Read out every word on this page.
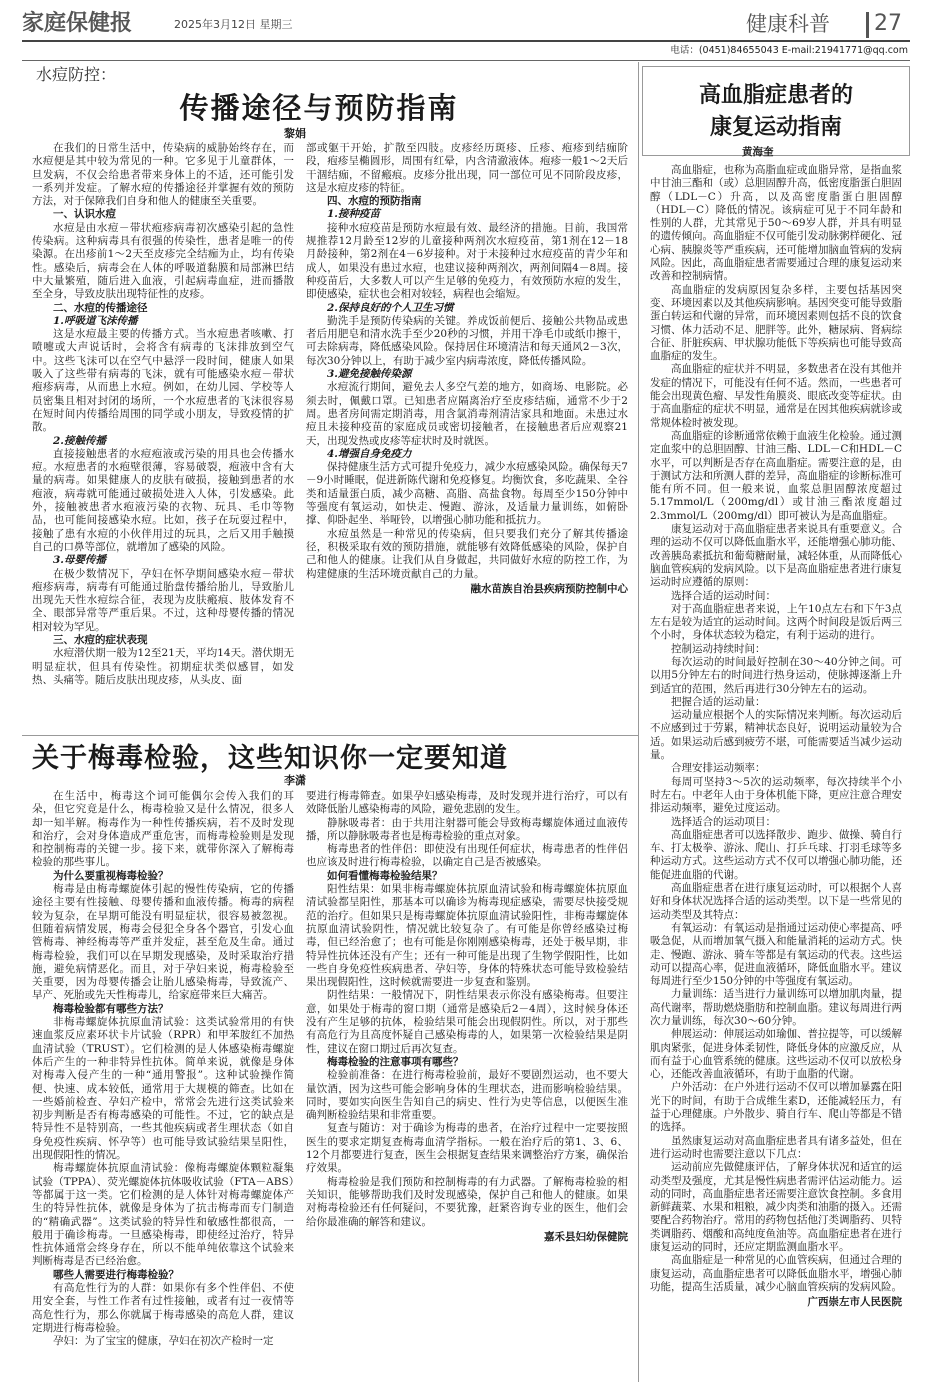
家庭保健报	2025年3月12日 星期三	健康科普 27
电话：(0451)84655043 E-mail:21941771@qq.com
水痘防控：
传播途径与预防指南
黎娟

在我们的日常生活中，传染病的威胁始终存在，而水痘便是其中较为常见的一种。它多见于儿童群体，一旦发病，不仅会给患者带来身体上的不适，还可能引发一系列并发症。了解水痘的传播途径并掌握有效的预防方法，对于保障我们自身和他人的健康至关重要。

一、认识水痘

水痘是由水痘－带状疱疹病毒初次感染引起的急性传染病。这种病毒具有很强的传染性，患者是唯一的传染源。在出疹前1～2天至皮疹完全结痂为止，均有传染性。感染后，病毒会在人体的呼吸道黏膜和局部淋巴结中大量繁殖，随后进入血液，引起病毒血症，进而播散至全身，导致皮肤出现特征性的皮疹。

二、水痘的传播途径

1.呼吸道飞沫传播

这是水痘最主要的传播方式。当水痘患者咳嗽、打喷嚏或大声说话时，会将含有病毒的飞沫排放到空气中。这些飞沫可以在空气中悬浮一段时间，健康人如果吸入了这些带有病毒的飞沫，就有可能感染水痘－带状疱疹病毒，从而患上水痘。例如，在幼儿园、学校等人员密集且相对封闭的场所，一个水痘患者的飞沫很容易在短时间内传播给周围的同学或小朋友，导致疫情的扩散。

2.接触传播

直接接触患者的水痘疱液或污染的用具也会传播水痘。水痘患者的水疱壁很薄，容易破裂，疱液中含有大量的病毒。如果健康人的皮肤有破损，接触到患者的水疱液，病毒就可能通过破损处进入人体，引发感染。此外，接触被患者水疱液污染的衣物、玩具、毛巾等物品，也可能间接感染水痘。比如，孩子在玩耍过程中，接触了患有水痘的小伙伴用过的玩具，之后又用手触摸自己的口鼻等部位，就增加了感染的风险。

3.母婴传播

在极少数情况下，孕妇在怀孕期间感染水痘－带状疱疹病毒，病毒有可能通过胎盘传播给胎儿，导致胎儿出现先天性水痘综合征，表现为皮肤瘢痕、肢体发育不全、眼部异常等严重后果。不过，这种母婴传播的情况相对较为罕见。

三、水痘的症状表现

水痘潜伏期一般为12至21天，平均14天。潜伏期无明显症状，但具有传染性。初期症状类似感冒，如发热、头痛等。随后皮肤出现皮疹，从头皮、面

部或躯干开始，扩散至四肢。皮疹经历斑疹、丘疹、疱疹到结痂阶段，疱疹呈椭圆形，周围有红晕，内含清澈液体。疱疹一般1～2天后干涸结痂，不留瘢痕。皮疹分批出现，同一部位可见不同阶段皮疹，这是水痘皮疹的特征。

四、水痘的预防指南

1.接种疫苗

接种水痘疫苗是预防水痘最有效、最经济的措施。目前，我国常规推荐12月龄至12岁的儿童接种两剂次水痘疫苗，第1剂在12－18月龄接种，第2剂在4－6岁接种。对于未接种过水痘疫苗的青少年和成人，如果没有患过水痘，也建议接种两剂次，两剂间隔4－8周。接种疫苗后，大多数人可以产生足够的免疫力，有效预防水痘的发生，即使感染，症状也会相对较轻，病程也会缩短。

2.保持良好的个人卫生习惯

勤洗手是预防传染病的关键。养成饭前便后、接触公共物品或患者后用肥皂和清水洗手至少20秒的习惯，并用干净毛巾或纸巾擦干，可去除病毒，降低感染风险。保持居住环境清洁和每天通风2－3次，每次30分钟以上，有助于减少室内病毒浓度，降低传播风险。

3.避免接触传染源

水痘流行期间，避免去人多空气差的地方，如商场、电影院。必须去时，佩戴口罩。已知患者应隔离治疗至皮疹结痂，通常不少于2周。患者房间需定期消毒，用含氯消毒剂清洁家具和地面。未患过水痘且未接种疫苗的家庭成员或密切接触者，在接触患者后应观察21天，出现发热或皮疹等症状时及时就医。

4.增强自身免疫力

保持健康生活方式可提升免疫力，减少水痘感染风险。确保每天7－9小时睡眠，促进新陈代谢和免疫修复。均衡饮食，多吃蔬果、全谷类和适量蛋白质，减少高糖、高脂、高盐食物。每周至少150分钟中等强度有氧运动，如快走、慢跑、游泳，及适量力量训练，如俯卧撑、仰卧起坐、举哑铃，以增强心肺功能和抵抗力。

水痘虽然是一种常见的传染病，但只要我们充分了解其传播途径，积极采取有效的预防措施，就能够有效降低感染的风险，保护自己和他人的健康。让我们从自身做起，共同做好水痘的防控工作，为构建健康的生活环境贡献自己的力量。

融水苗族自治县疾病预防控制中心

关于梅毒检验，这些知识你一定要知道
李潇

在生活中，梅毒这个词可能偶尔会传入我们的耳朵，但它究竟是什么，梅毒检验又是什么情况，很多人却一知半解。梅毒作为一种性传播疾病，若不及时发现和治疗，会对身体造成严重危害，而梅毒检验则是发现和控制梅毒的关键一步。接下来，就带你深入了解梅毒检验的那些事儿。

为什么要重视梅毒检验？

梅毒是由梅毒螺旋体引起的慢性传染病，它的传播途径主要有性接触、母婴传播和血液传播。梅毒的病程较为复杂，在早期可能没有明显症状，很容易被忽视。但随着病情发展，梅毒会侵犯全身各个器官，引发心血管梅毒、神经梅毒等严重并发症，甚至危及生命。通过梅毒检验，我们可以在早期发现感染，及时采取治疗措施，避免病情恶化。而且，对于孕妇来说，梅毒检验至关重要，因为母婴传播会让胎儿感染梅毒，导致流产、早产、死胎或先天性梅毒儿，给家庭带来巨大痛苦。

梅毒检验都有哪些方法？

非梅毒螺旋体抗原血清试验：这类试验常用的有快速血浆反应素环状卡片试验（RPR）和甲苯胺红不加热血清试验（TRUST）。它们检测的是人体感染梅毒螺旋体后产生的一种非特异性抗体。简单来说，就像是身体对梅毒入侵产生的一种“通用警报”。这种试验操作简便、快速、成本较低，通常用于大规模的筛查。比如在一些婚前检查、孕妇产检中，常常会先进行这类试验来初步判断是否有梅毒感染的可能性。不过，它的缺点是特异性不是特别高，一些其他疾病或者生理状态（如自身免疫性疾病、怀孕等）也可能导致试验结果呈阳性，出现假阳性的情况。

梅毒螺旋体抗原血清试验：像梅毒螺旋体颗粒凝集试验（TPPA）、荧光螺旋体抗体吸收试验（FTA－ABS）等都属于这一类。它们检测的是人体针对梅毒螺旋体产生的特异性抗体，就像是身体为了抗击梅毒而专门制造的“精确武器”。这类试验的特异性和敏感性都很高，一般用于确诊梅毒。一旦感染梅毒，即使经过治疗，特异性抗体通常会终身存在，所以不能单纯依靠这个试验来判断梅毒是否已经治愈。

哪些人需要进行梅毒检验？

有高危性行为的人群：如果你有多个性伴侣、不使用安全套，与性工作者有过性接触，或者有过一夜情等高危性行为，那么你就属于梅毒感染的高危人群，建议定期进行梅毒检验。

孕妇：为了宝宝的健康，孕妇在初次产检时一定

要进行梅毒筛查。如果孕妇感染梅毒，及时发现并进行治疗，可以有效降低胎儿感染梅毒的风险，避免悲剧的发生。

静脉吸毒者：由于共用注射器可能会导致梅毒螺旋体通过血液传播，所以静脉吸毒者也是梅毒检验的重点对象。

梅毒患者的性伴侣：即使没有出现任何症状，梅毒患者的性伴侣也应该及时进行梅毒检验，以确定自己是否被感染。

如何看懂梅毒检验结果？

阳性结果：如果非梅毒螺旋体抗原血清试验和梅毒螺旋体抗原血清试验都呈阳性，那基本可以确诊为梅毒现症感染，需要尽快接受规范的治疗。但如果只是梅毒螺旋体抗原血清试验阳性，非梅毒螺旋体抗原血清试验阴性，情况就比较复杂了。有可能是你曾经感染过梅毒，但已经治愈了；也有可能是你刚刚感染梅毒，还处于极早期，非特异性抗体还没有产生；还有一种可能是出现了生物学假阳性，比如一些自身免疫性疾病患者、孕妇等，身体的特殊状态可能导致检验结果出现假阳性，这时候就需要进一步复查和鉴别。

阴性结果：一般情况下，阴性结果表示你没有感染梅毒。但要注意，如果处于梅毒的窗口期（通常是感染后2－4周），这时候身体还没有产生足够的抗体，检验结果可能会出现假阴性。所以，对于那些有高危行为且高度怀疑自己感染梅毒的人，如果第一次检验结果是阴性，建议在窗口期过后再次复查。

梅毒检验的注意事项有哪些？

检验前准备：在进行梅毒检验前，最好不要剧烈运动，也不要大量饮酒，因为这些可能会影响身体的生理状态，进而影响检验结果。同时，要如实向医生告知自己的病史、性行为史等信息，以便医生准确判断检验结果和非常重要。

复查与随访：对于确诊为梅毒的患者，在治疗过程中一定要按照医生的要求定期复查梅毒血清学指标。一般在治疗后的第1、3、6、12个月都要进行复查，医生会根据复查结果来调整治疗方案，确保治疗效果。

梅毒检验是我们预防和控制梅毒的有力武器。了解梅毒检验的相关知识，能够帮助我们及时发现感染，保护自己和他人的健康。如果对梅毒检验还有任何疑问，不要犹豫，赶紧咨询专业的医生，他们会给你最准确的解答和建议。

嘉禾县妇幼保健院

高血脂症患者的
康复运动指南
黄海奎

高血脂症，也称为高脂血症或血脂异常，是指血浆中甘油三酯和（或）总胆固醇升高，低密度脂蛋白胆固醇（LDL－C）升高，以及高密度脂蛋白胆固醇（HDL－C）降低的情况。该病症可见于不同年龄和性别的人群，尤其常见于50～69岁人群，并具有明显的遗传倾向。高血脂症不仅可能引发动脉粥样硬化、冠心病、胰腺炎等严重疾病，还可能增加脑血管病的发病风险。因此，高血脂症患者需要通过合理的康复运动来改善和控制病情。

高血脂症的发病原因复杂多样，主要包括基因突变、环境因素以及其他疾病影响。基因突变可能导致脂蛋白转运和代谢的异常，而环境因素则包括不良的饮食习惯、体力活动不足、肥胖等。此外，糖尿病、肾病综合征、肝脏疾病、甲状腺功能低下等疾病也可能导致高血脂症的发生。

高血脂症的症状并不明显，多数患者在没有其他并发症的情况下，可能没有任何不适。然而，一些患者可能会出现黄色瘤、早发性角膜炎、眼底改变等症状。由于高血脂症的症状不明显，通常是在因其他疾病就诊或常规体检时被发现。

高血脂症的诊断通常依赖于血液生化检验。通过测定血浆中的总胆固醇、甘油三酯、LDL－C和HDL－C水平，可以判断是否存在高血脂症。需要注意的是，由于测试方法和所测人群的差异，高血脂症的诊断标准可能有所不同。但一般来说，血浆总胆固醇浓度超过5.17mmol/L（200mg/dl）或甘油三酯浓度超过2.3mmol/L（200mg/dl）即可被认为是高血脂症。

康复运动对于高血脂症患者来说具有重要意义。合理的运动不仅可以降低血脂水平，还能增强心肺功能、改善胰岛素抵抗和葡萄糖耐量，减轻体重，从而降低心脑血管疾病的发病风险。以下是高血脂症患者进行康复运动时应遵循的原则：

选择合适的运动时间：

对于高血脂症患者来说，上午10点左右和下午3点左右是较为适宜的运动时间。这两个时间段是饭后两三个小时，身体状态较为稳定，有利于运动的进行。

控制运动持续时间：

每次运动的时间最好控制在30～40分钟之间。可以用5分钟左右的时间进行热身运动，使脉搏逐渐上升到适宜的范围，然后再进行30分钟左右的运动。

把握合适的运动量：

运动量应根据个人的实际情况来判断。每次运动后不应感到过于劳累，精神状态良好，说明运动量较为合适。如果运动后感到疲劳不堪，可能需要适当减少运动量。

合理安排运动频率：

每周可坚持3～5次的运动频率，每次持续半个小时左右。中老年人由于身体机能下降，更应注意合理安排运动频率，避免过度运动。

选择适合的运动项目：

高血脂症患者可以选择散步、跑步、做操、骑自行车、打太极拳、游泳、爬山、打乒乓球、打羽毛球等多种运动方式。这些运动方式不仅可以增强心肺功能，还能促进血脂的代谢。

高血脂症患者在进行康复运动时，可以根据个人喜好和身体状况选择合适的运动类型。以下是一些常见的运动类型及其特点：

有氧运动：有氧运动是指通过运动使心率提高、呼吸急促，从而增加氧气摄入和能量消耗的运动方式。快走、慢跑、游泳、骑车等都是有氧运动的代表。这些运动可以提高心率，促进血液循环，降低血脂水平。建议每周进行至少150分钟的中等强度有氧运动。

力量训练：适当进行力量训练可以增加肌肉量，提高代谢率，帮助燃烧脂肪和控制血脂。建议每周进行两次力量训练，每次30～60分钟。

伸展运动：伸展运动如瑜伽、普拉提等，可以缓解肌肉紧张，促进身体柔韧性，降低身体的应激反应，从而有益于心血管系统的健康。这些运动不仅可以放松身心，还能改善血液循环，有助于血脂的代谢。

户外活动：在户外进行运动不仅可以增加暴露在阳光下的时间，有助于合成维生素D，还能减轻压力，有益于心理健康。户外散步、骑自行车、爬山等都是不错的选择。

虽然康复运动对高血脂症患者具有诸多益处，但在进行运动时也需要注意以下几点：

运动前应先做健康评估，了解身体状况和适宜的运动类型及强度，尤其是慢性病患者需评估运动能力。运动的同时，高血脂症患者还需要注意饮食控制。多食用新鲜蔬菜、水果和粗粮，减少肉类和油脂的摄入。还需要配合药物治疗。常用的药物包括他汀类调脂药、贝特类调脂药、烟酸和高纯度鱼油等。高血脂症患者在进行康复运动的同时，还应定期监测血脂水平。

高血脂症是一种常见的心血管疾病，但通过合理的康复运动，高血脂症患者可以降低血脂水平，增强心肺功能，提高生活质量，减少心脑血管疾病的发病风险。

广西崇左市人民医院
